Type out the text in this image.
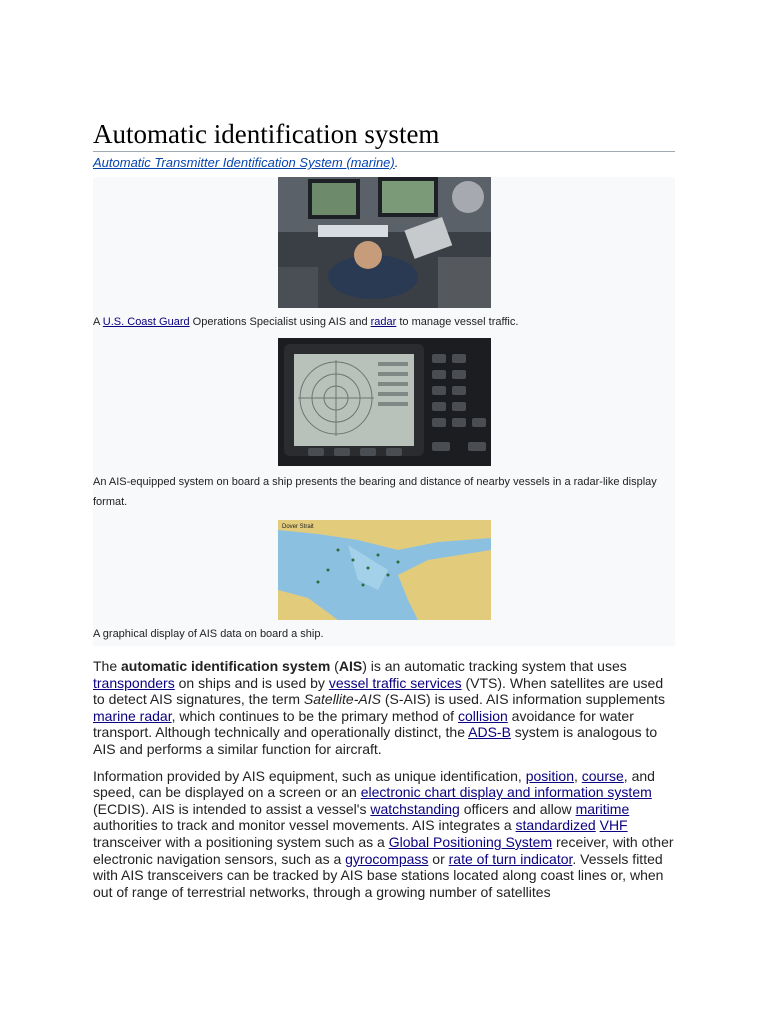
Automatic identification system
Automatic Transmitter Identification System (marine).
A U.S. Coast Guard Operations Specialist using AIS and radar to manage vessel traffic.
An AIS-equipped system on board a ship presents the bearing and distance of nearby vessels in a radar-like display format.
Dover Strait
A graphical display of AIS data on board a ship.

The automatic identification system (AIS) is an automatic tracking system that uses transponders on ships and is used by vessel traffic services (VTS). When satellites are used to detect AIS signatures, the term Satellite-AIS (S-AIS) is used. AIS information supplements marine radar, which continues to be the primary method of collision avoidance for water transport. Although technically and operationally distinct, the ADS-B system is analogous to AIS and performs a similar function for aircraft.

Information provided by AIS equipment, such as unique identification, position, course, and speed, can be displayed on a screen or an electronic chart display and information system (ECDIS). AIS is intended to assist a vessel's watchstanding officers and allow maritime authorities to track and monitor vessel movements. AIS integrates a standardized VHF transceiver with a positioning system such as a Global Positioning System receiver, with other electronic navigation sensors, such as a gyrocompass or rate of turn indicator. Vessels fitted with AIS transceivers can be tracked by AIS base stations located along coast lines or, when out of range of terrestrial networks, through a growing number of satellites
